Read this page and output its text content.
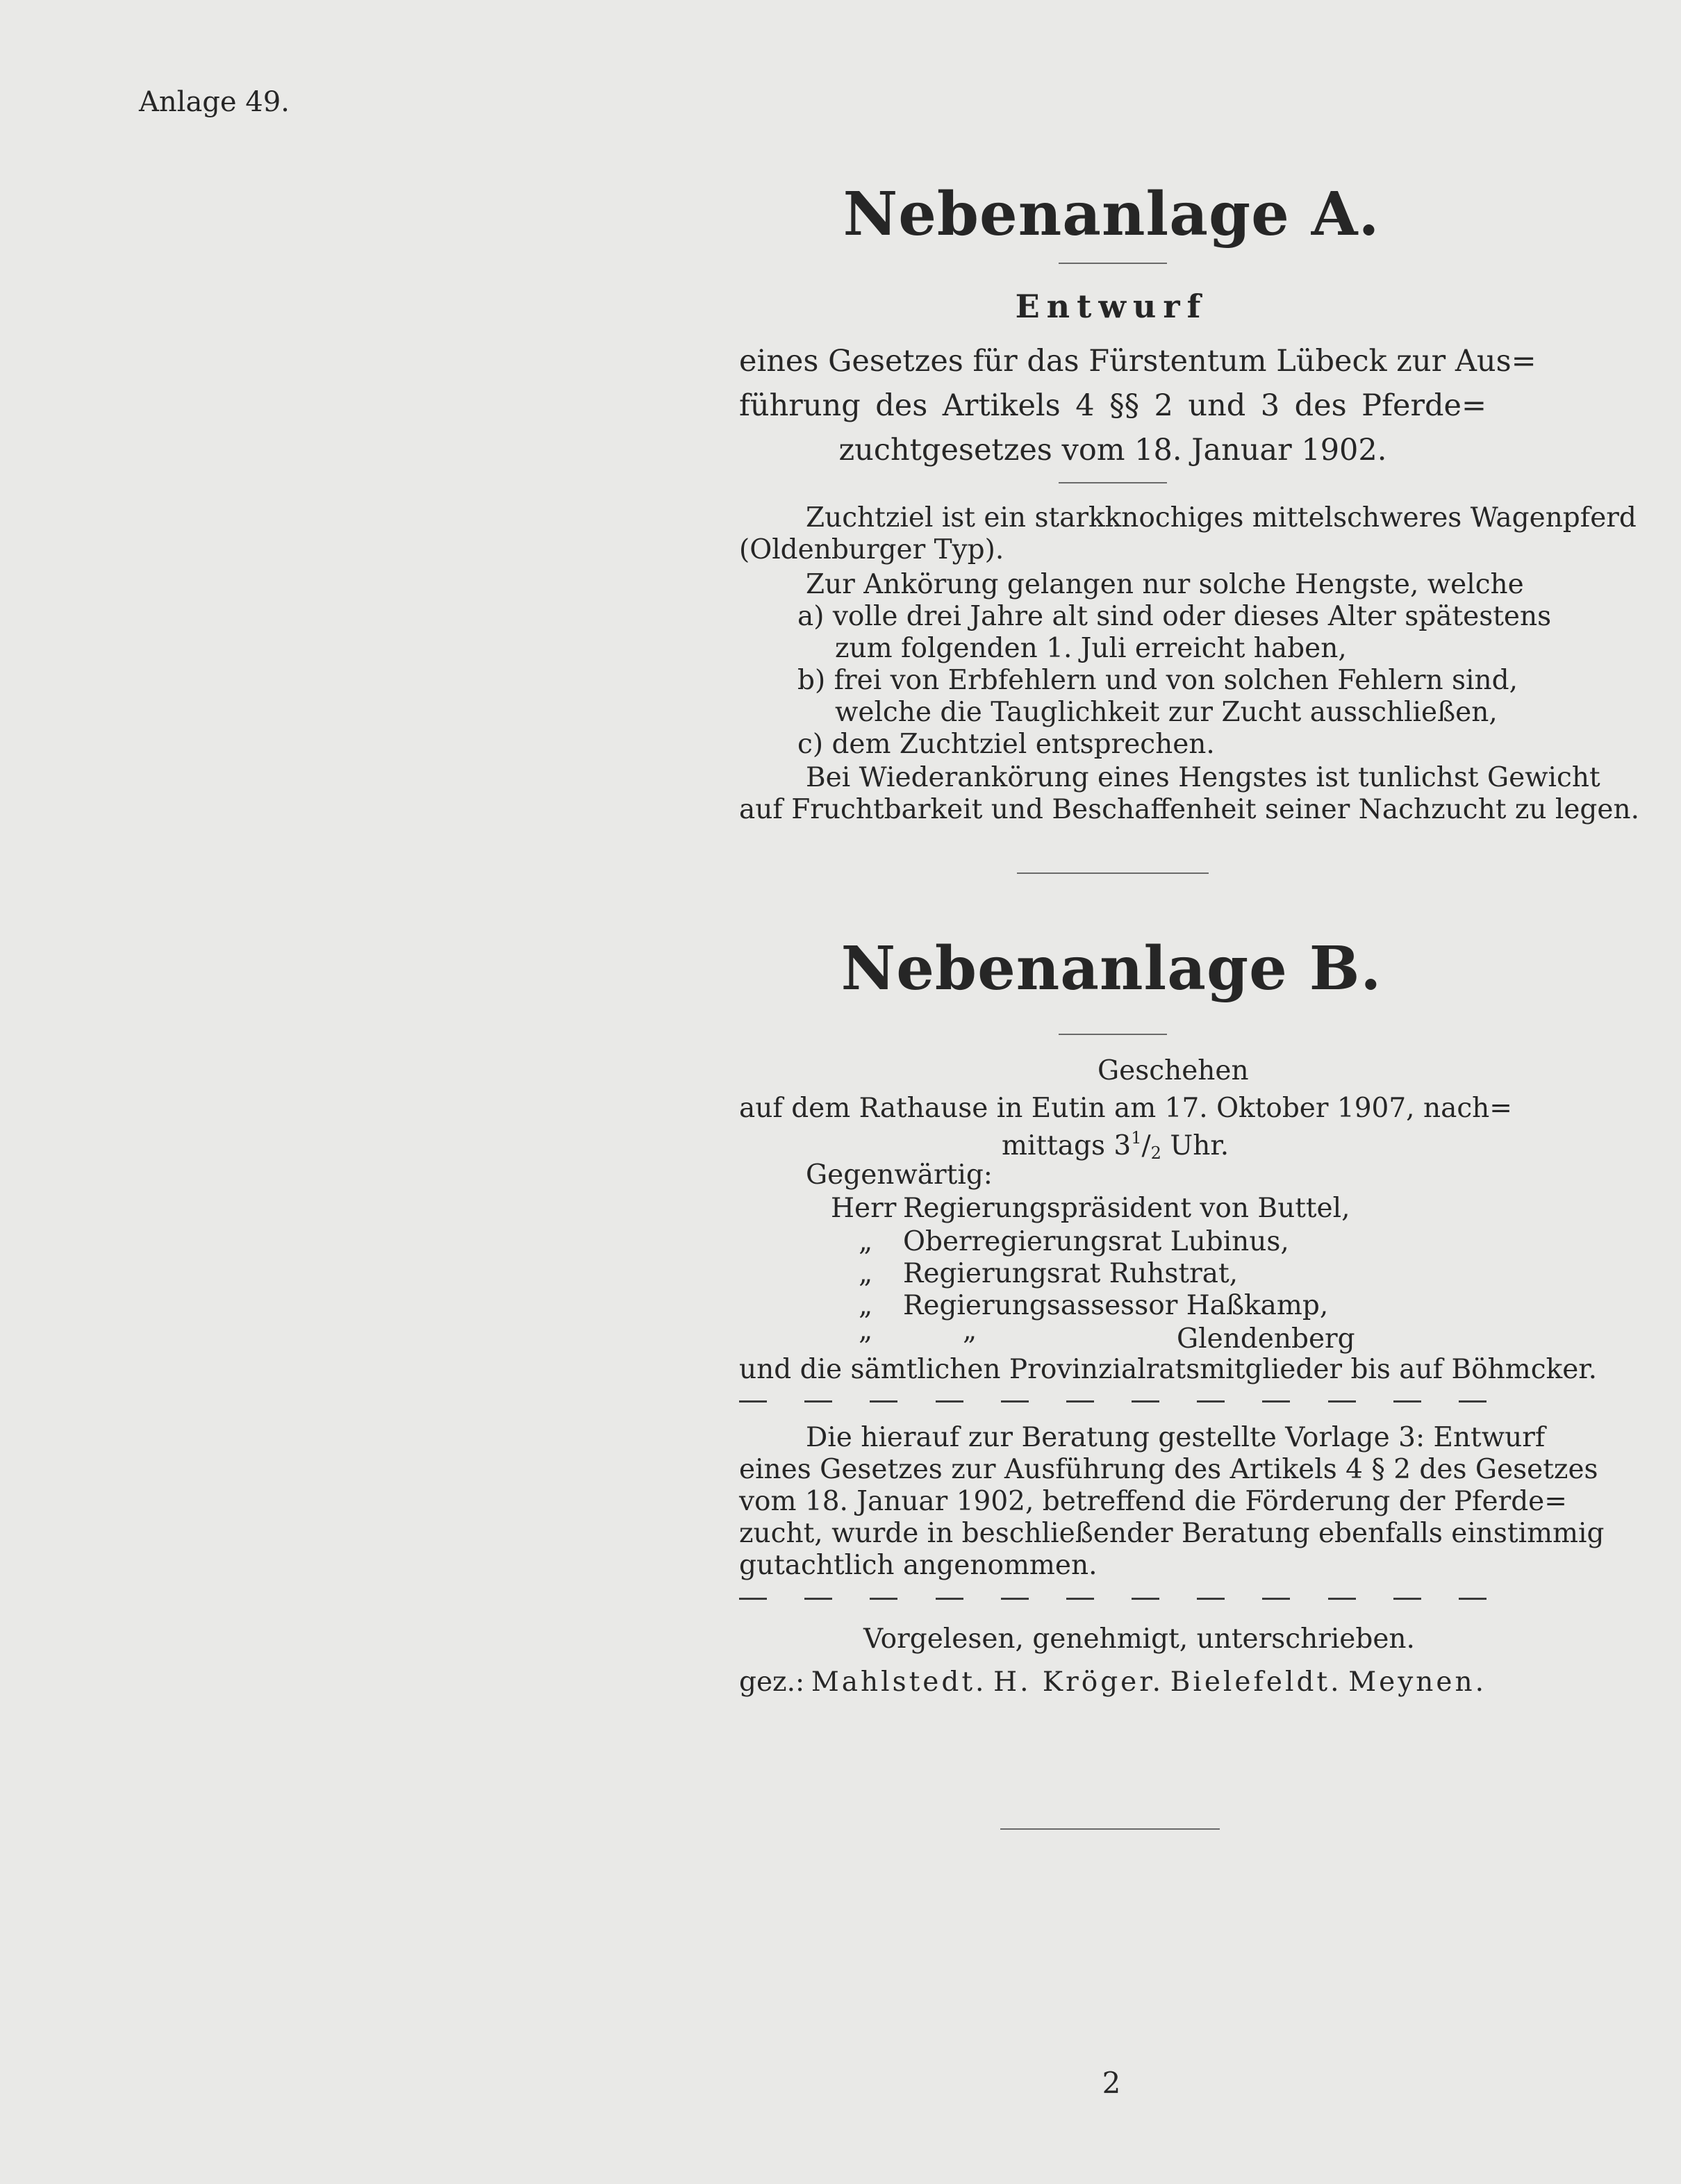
Anlage 49.
Nebenanlage A.
Entwurf
eines Gesetzes für das Fürstentum Lübeck zur Aus=
führung des Artikels 4 §§ 2 und 3 des Pferde=
zuchtgesetzes vom 18. Januar 1902.
Zuchtziel ist ein starkknochiges mittelschweres Wagenpferd
(Oldenburger Typ).
Zur Ankörung gelangen nur solche Hengste, welche
a) volle drei Jahre alt sind oder dieses Alter spätestens
zum folgenden 1. Juli erreicht haben,
b) frei von Erbfehlern und von solchen Fehlern sind,
welche die Tauglichkeit zur Zucht ausschließen,
c) dem Zuchtziel entsprechen.
Bei Wiederankörung eines Hengstes ist tunlichst Gewicht
auf Fruchtbarkeit und Beschaffenheit seiner Nachzucht zu legen.
Nebenanlage B.
Geschehen
auf dem Rathause in Eutin am 17. Oktober 1907, nach=
mittags $3^1/_2$ Uhr.
Gegenwärtig:
Herr Regierungspräsident von Buttel,
„	Oberregierungsrat Lubinus,
„	Regierungsrat Ruhstrat,
„	Regierungsassessor Haßkamp,
„	„	Glendenberg
und die sämtlichen Provinzialratsmitglieder bis auf Böhmcker.
Die hierauf zur Beratung gestellte Vorlage 3: Entwurf
eines Gesetzes zur Ausführung des Artikels 4 § 2 des Gesetzes
vom 18. Januar 1902, betreffend die Förderung der Pferde=
zucht, wurde in beschließender Beratung ebenfalls einstimmig
gutachtlich angenommen.
Vorgelesen, genehmigt, unterschrieben.
gez.: Mahlstedt. H. Kröger. Bielefeldt. Meynen.
2
